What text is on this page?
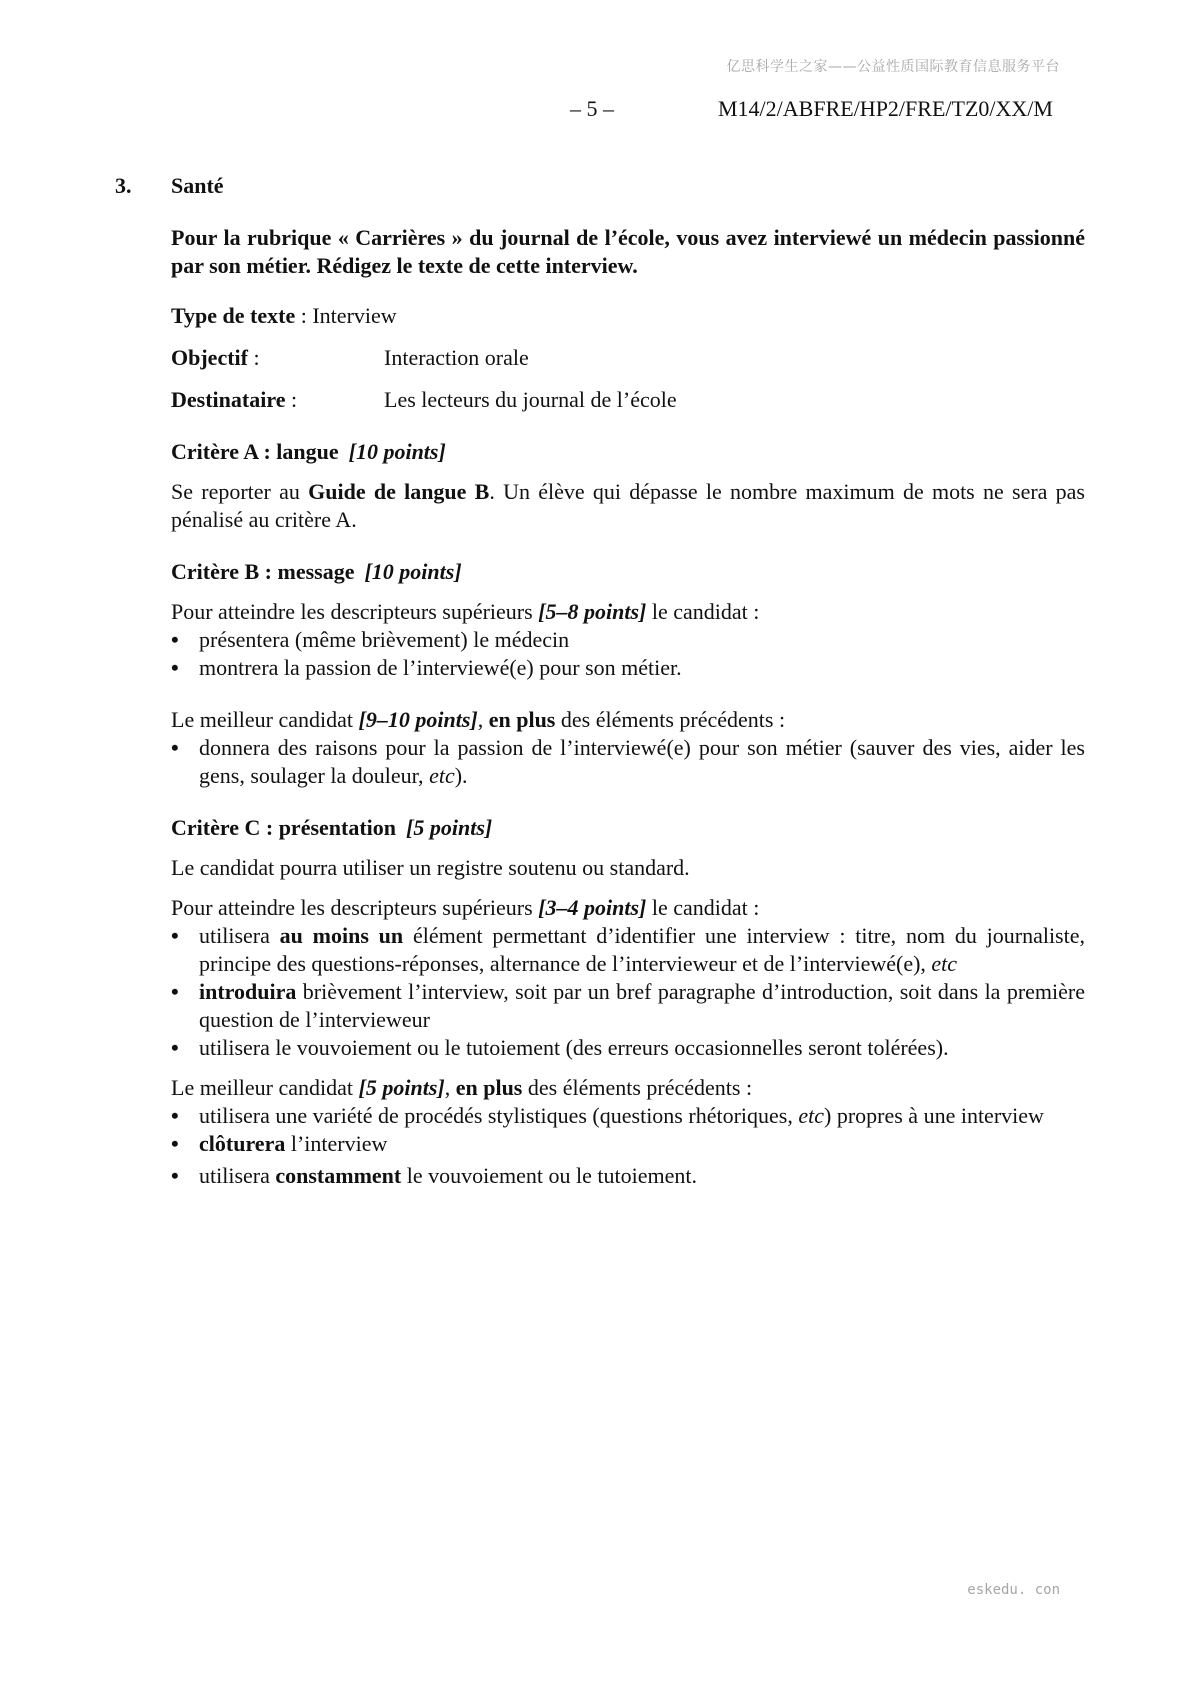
亿思科学生之家——公益性质国际教育信息服务平台
– 5 –	M14/2/ABFRE/HP2/FRE/TZ0/XX/M
3. Santé

Pour la rubrique « Carrières » du journal de l’école, vous avez interviewé un médecin passionné par son métier. Rédigez le texte de cette interview.

Type de texte : Interview
Objectif :	Interaction orale
Destinataire :	Les lecteurs du journal de l’école
Critère A : langue [10 points]

Se reporter au Guide de langue B. Un élève qui dépasse le nombre maximum de mots ne sera pas pénalisé au critère A.

Critère B : message [10 points]

Pour atteindre les descripteurs supérieurs [5–8 points] le candidat :

• présentera (même brièvement) le médecin
• montrera la passion de l’interviewé(e) pour son métier.

Le meilleur candidat [9–10 points], en plus des éléments précédents :

• donnera des raisons pour la passion de l’interviewé(e) pour son métier (sauver des vies, aider les gens, soulager la douleur, etc).
Critère C : présentation [5 points]

Le candidat pourra utiliser un registre soutenu ou standard.

Pour atteindre les descripteurs supérieurs [3–4 points] le candidat :

• utilisera au moins un élément permettant d’identifier une interview : titre, nom du journaliste, principe des questions-réponses, alternance de l’intervieweur et de l’interviewé(e), etc
• introduira brièvement l’interview, soit par un bref paragraphe d’introduction, soit dans la première question de l’intervieweur
• utilisera le vouvoiement ou le tutoiement (des erreurs occasionnelles seront tolérées).

Le meilleur candidat [5 points], en plus des éléments précédents :

• utilisera une variété de procédés stylistiques (questions rhétoriques, etc) propres à une interview
• clôturera l’interview
• utilisera constamment le vouvoiement ou le tutoiement.
eskedu. con
